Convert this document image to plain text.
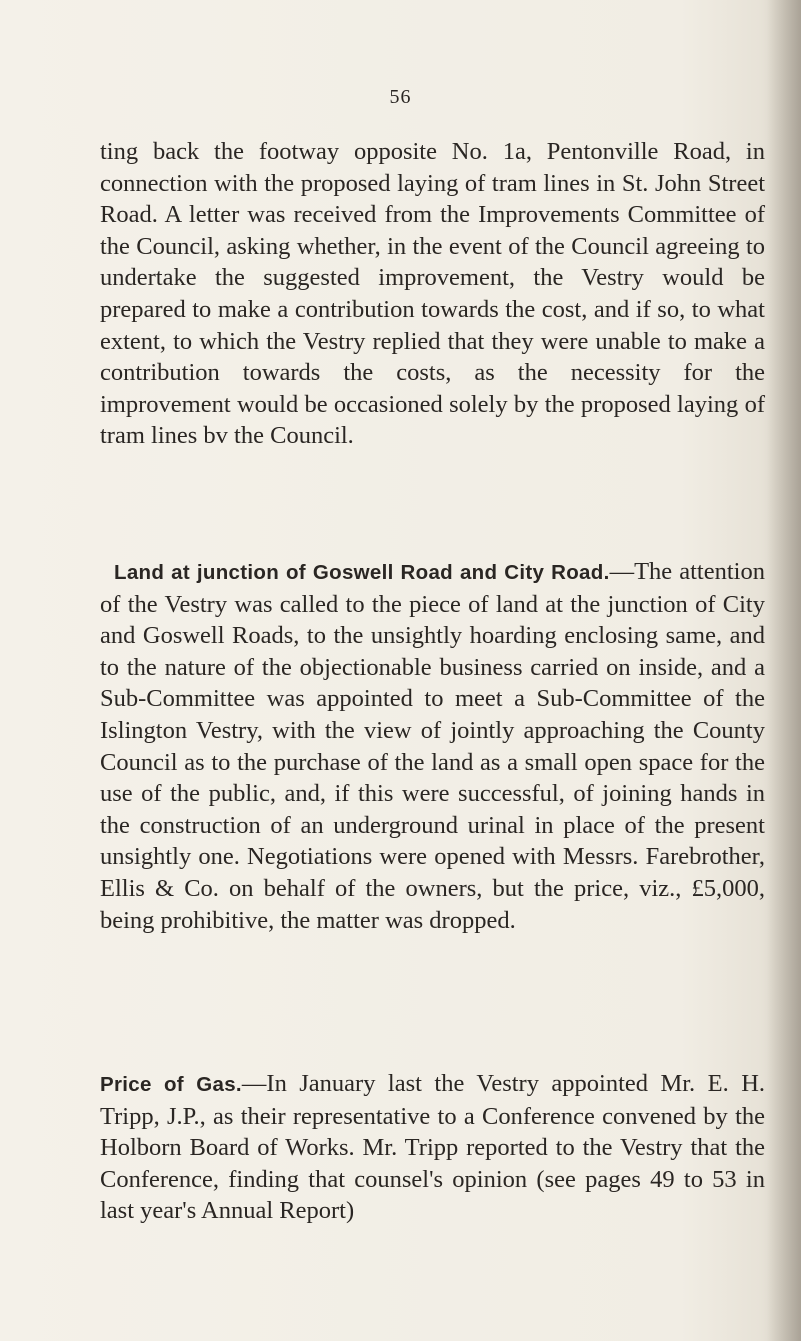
56
ting back the footway opposite No. 1a, Pentonville Road, in connection with the proposed laying of tram lines in St. John Street Road. A letter was received from the Improvements Committee of the Council, asking whether, in the event of the Council agreeing to undertake the suggested improvement, the Vestry would be prepared to make a contribution towards the cost, and if so, to what extent, to which the Vestry replied that they were unable to make a contribution towards the costs, as the necessity for the improvement would be occasioned solely by the proposed laying of tram lines bv the Council.
Land at junction of Goswell Road and City Road.—The attention of the Vestry was called to the piece of land at the junction of City and Goswell Roads, to the unsightly hoarding enclosing same, and to the nature of the objectionable business carried on inside, and a Sub-Committee was appointed to meet a Sub-Committee of the Islington Vestry, with the view of jointly approaching the County Council as to the purchase of the land as a small open space for the use of the public, and, if this were successful, of joining hands in the construction of an underground urinal in place of the present unsightly one. Negotiations were opened with Messrs. Farebrother, Ellis & Co. on behalf of the owners, but the price, viz., £5,000, being prohibitive, the matter was dropped.
Price of Gas.—In January last the Vestry appointed Mr. E. H. Tripp, J.P., as their representative to a Conference convened by the Holborn Board of Works. Mr. Tripp reported to the Vestry that the Conference, finding that counsel's opinion (see pages 49 to 53 in last year's Annual Report)
